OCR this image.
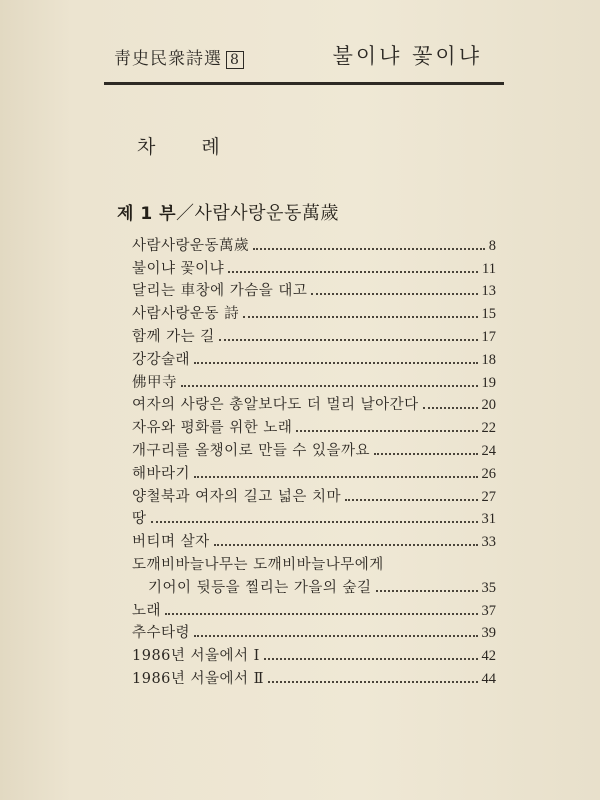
靑史民衆詩選 8	불이냐 꽃이냐
차 례
제 1 부／사람사랑운동萬歲
사람사랑운동萬歲	8
불이냐 꽃이냐	11
달리는 車창에 가슴을 대고	13
사람사랑운동 詩	15
함께 가는 길	17
강강술래	18
佛甲寺	19
여자의 사랑은 총알보다도 더 멀리 날아간다	20
자유와 평화를 위한 노래	22
개구리를 올챙이로 만들 수 있을까요	24
해바라기	26
양철북과 여자의 길고 넓은 치마	27
땅	31
버티며 살자	33
도깨비바늘나무는 도깨비바늘나무에게
기어이 뒷등을 찔리는 가을의 숲길	35
노래	37
추수타령	39
1986년 서울에서 Ⅰ	42
1986년 서울에서 Ⅱ	44
